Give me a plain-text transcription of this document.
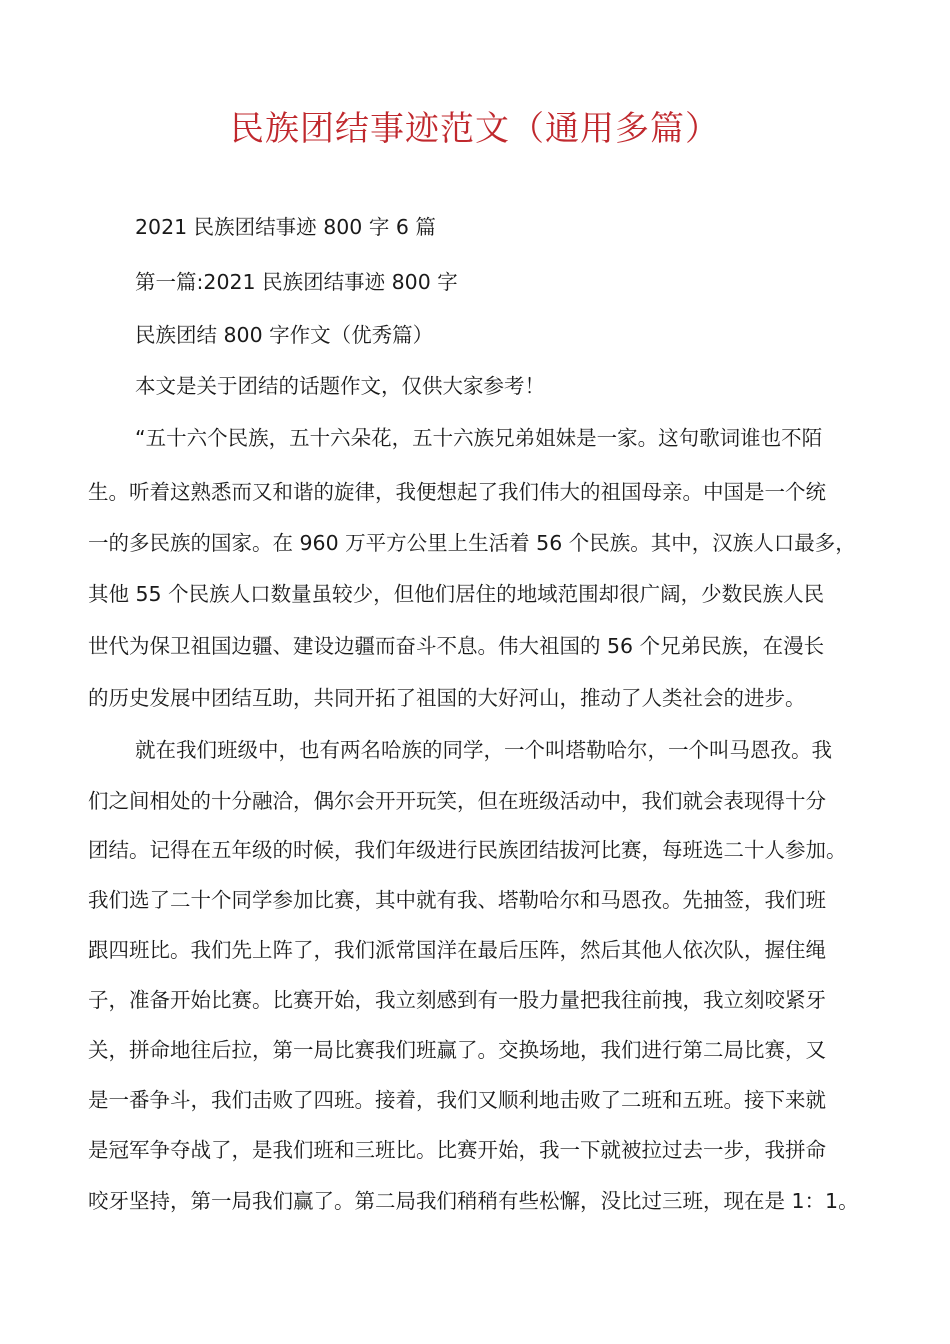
民族团结事迹范文（通用多篇）
2021 民族团结事迹 800 字 6 篇
第一篇:2021 民族团结事迹 800 字
民族团结 800 字作文（优秀篇）
本文是关于团结的话题作文，仅供大家参考！
“五十六个民族，五十六朵花，五十六族兄弟姐妹是一家。这句歌词谁也不陌
生。听着这熟悉而又和谐的旋律，我便想起了我们伟大的祖国母亲。中国是一个统
一的多民族的国家。在 960 万平方公里上生活着 56 个民族。其中，汉族人口最多，
其他 55 个民族人口数量虽较少，但他们居住的地域范围却很广阔，少数民族人民
世代为保卫祖国边疆、建设边疆而奋斗不息。伟大祖国的 56 个兄弟民族，在漫长
的历史发展中团结互助，共同开拓了祖国的大好河山，推动了人类社会的进步。
就在我们班级中，也有两名哈族的同学，一个叫塔勒哈尔，一个叫马恩孜。我
们之间相处的十分融洽，偶尔会开开玩笑，但在班级活动中，我们就会表现得十分
团结。记得在五年级的时候，我们年级进行民族团结拔河比赛，每班选二十人参加。
我们选了二十个同学参加比赛，其中就有我、塔勒哈尔和马恩孜。先抽签，我们班
跟四班比。我们先上阵了，我们派常国洋在最后压阵，然后其他人依次队，握住绳
子，准备开始比赛。比赛开始，我立刻感到有一股力量把我往前拽，我立刻咬紧牙
关，拼命地往后拉，第一局比赛我们班赢了。交换场地，我们进行第二局比赛，又
是一番争斗，我们击败了四班。接着，我们又顺利地击败了二班和五班。接下来就
是冠军争夺战了，是我们班和三班比。比赛开始，我一下就被拉过去一步，我拼命
咬牙坚持，第一局我们赢了。第二局我们稍稍有些松懈，没比过三班，现在是 1：1。
